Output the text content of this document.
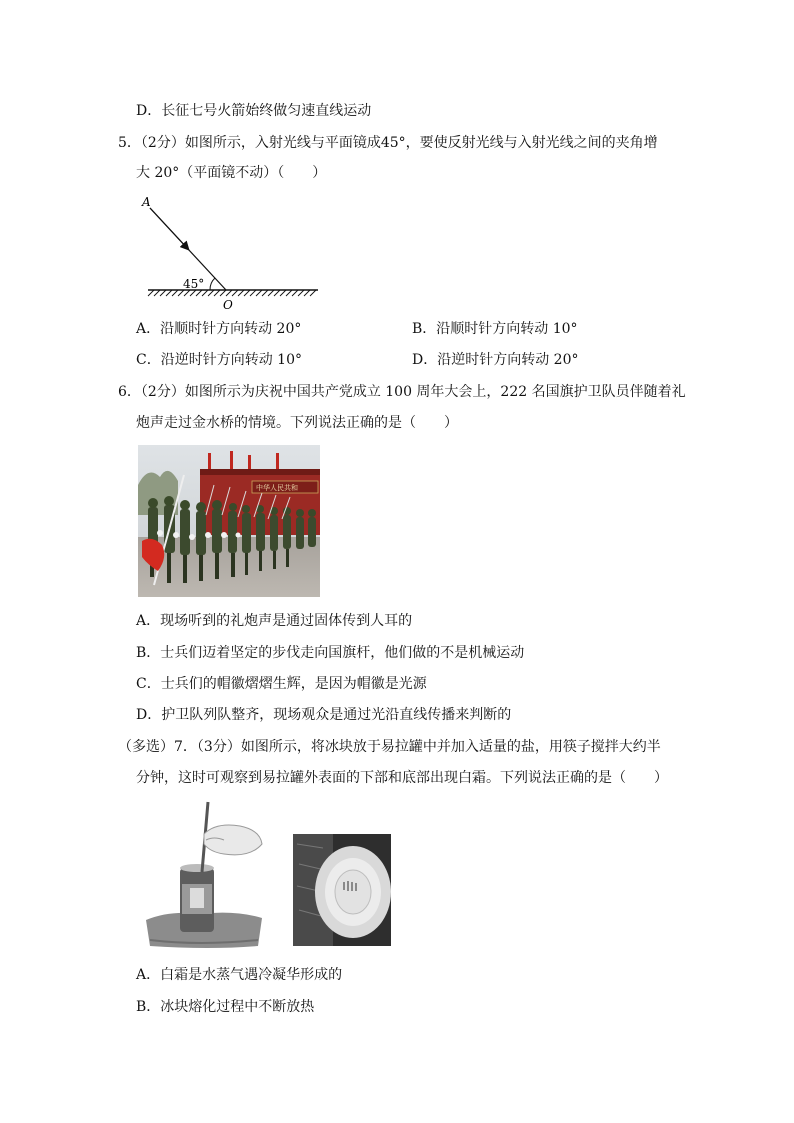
D．长征七号火箭始终做匀速直线运动
5．（2分）如图所示，入射光线与平面镜成45°，要使反射光线与入射光线之间的夹角增
大 20°（平面镜不动）（　　）
A
45°
O
A．沿顺时针方向转动 20°	B．沿顺时针方向转动 10°
C．沿逆时针方向转动 10°	D．沿逆时针方向转动 20°
6．（2分）如图所示为庆祝中国共产党成立 100 周年大会上，222 名国旗护卫队员伴随着礼
炮声走过金水桥的情境。下列说法正确的是（　　）
中华人民共和
A．现场听到的礼炮声是通过固体传到人耳的
B．士兵们迈着坚定的步伐走向国旗杆，他们做的不是机械运动
C．士兵们的帽徽熠熠生辉，是因为帽徽是光源
D．护卫队列队整齐，现场观众是通过光沿直线传播来判断的
（多选）7．（3分）如图所示，将冰块放于易拉罐中并加入适量的盐，用筷子搅拌大约半
分钟，这时可观察到易拉罐外表面的下部和底部出现白霜。下列说法正确的是（　　）
A．白霜是水蒸气遇冷凝华形成的
B．冰块熔化过程中不断放热
